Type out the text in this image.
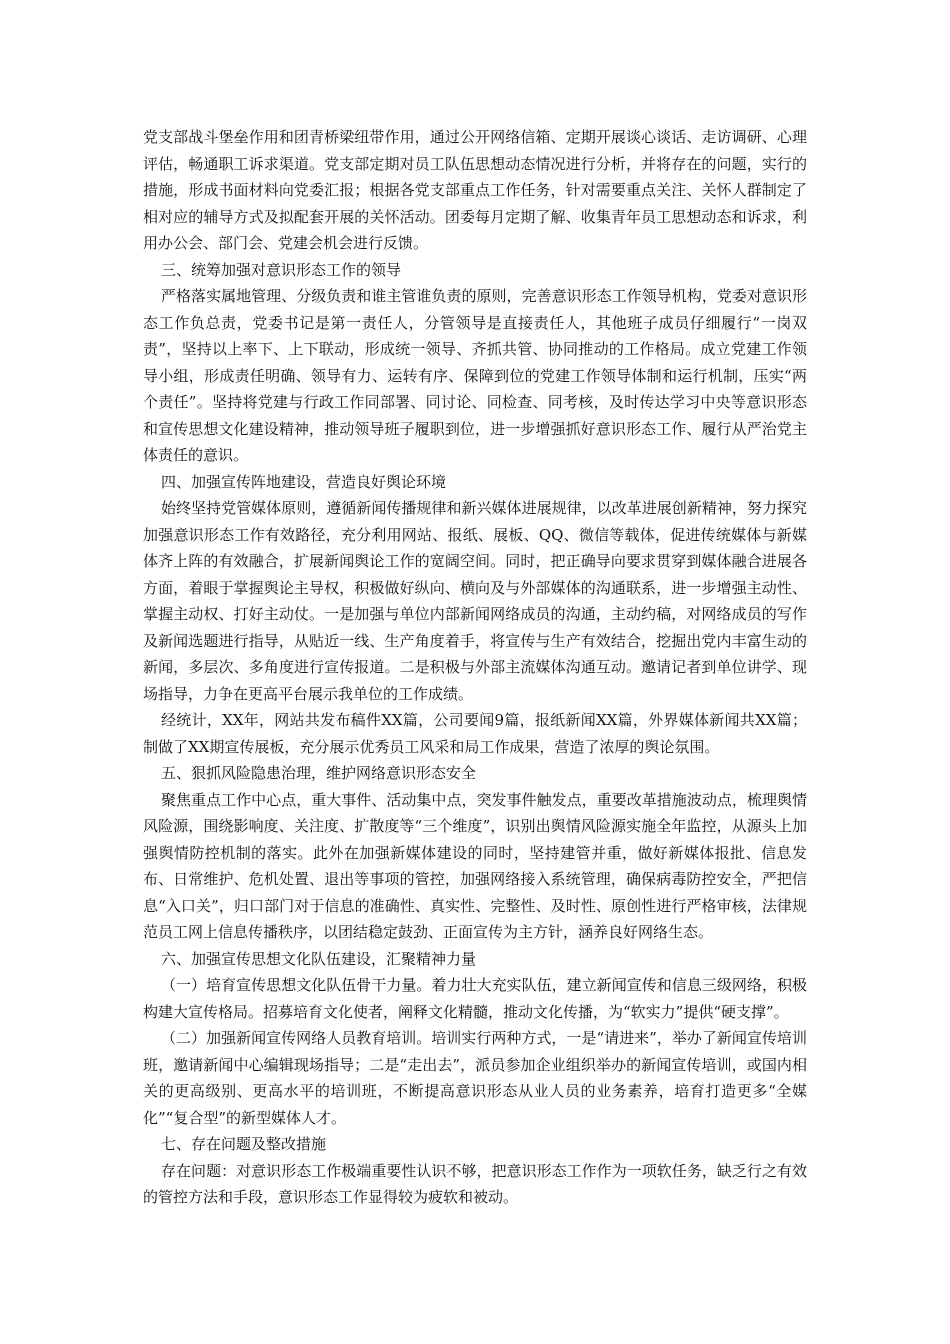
党支部战斗堡垒作用和团青桥梁纽带作用，通过公开网络信箱、定期开展谈心谈话、走访调研、心理评估，畅通职工诉求渠道。党支部定期对员工队伍思想动态情况进行分析，并将存在的问题，实行的措施，形成书面材料向党委汇报；根据各党支部重点工作任务，针对需要重点关注、关怀人群制定了相对应的辅导方式及拟配套开展的关怀活动。团委每月定期了解、收集青年员工思想动态和诉求，利用办公会、部门会、党建会机会进行反馈。

三、统筹加强对意识形态工作的领导

严格落实属地管理、分级负责和谁主管谁负责的原则，完善意识形态工作领导机构，党委对意识形态工作负总责，党委书记是第一责任人，分管领导是直接责任人，其他班子成员仔细履行“一岗双责”，坚持以上率下、上下联动，形成统一领导、齐抓共管、协同推动的工作格局。成立党建工作领导小组，形成责任明确、领导有力、运转有序、保障到位的党建工作领导体制和运行机制，压实“两个责任”。坚持将党建与行政工作同部署、同讨论、同检查、同考核，及时传达学习中央等意识形态和宣传思想文化建设精神，推动领导班子履职到位，进一步增强抓好意识形态工作、履行从严治党主体责任的意识。

四、加强宣传阵地建设，营造良好舆论环境

始终坚持党管媒体原则，遵循新闻传播规律和新兴媒体进展规律，以改革进展创新精神，努力探究加强意识形态工作有效路径，充分利用网站、报纸、展板、QQ、微信等载体，促进传统媒体与新媒体齐上阵的有效融合，扩展新闻舆论工作的宽阔空间。同时，把正确导向要求贯穿到媒体融合进展各方面，着眼于掌握舆论主导权，积极做好纵向、横向及与外部媒体的沟通联系，进一步增强主动性、掌握主动权、打好主动仗。一是加强与单位内部新闻网络成员的沟通，主动约稿，对网络成员的写作及新闻选题进行指导，从贴近一线、生产角度着手，将宣传与生产有效结合，挖掘出党内丰富生动的新闻，多层次、多角度进行宣传报道。二是积极与外部主流媒体沟通互动。邀请记者到单位讲学、现场指导，力争在更高平台展示我单位的工作成绩。

经统计，XX年，网站共发布稿件XX篇，公司要闻9篇，报纸新闻XX篇，外界媒体新闻共XX篇；制做了XX期宣传展板，充分展示优秀员工风采和局工作成果，营造了浓厚的舆论氛围。

五、狠抓风险隐患治理，维护网络意识形态安全

聚焦重点工作中心点，重大事件、活动集中点，突发事件触发点，重要改革措施波动点，梳理舆情风险源，围绕影响度、关注度、扩散度等“三个维度”，识别出舆情风险源实施全年监控，从源头上加强舆情防控机制的落实。此外在加强新媒体建设的同时，坚持建管并重，做好新媒体报批、信息发布、日常维护、危机处置、退出等事项的管控，加强网络接入系统管理，确保病毒防控安全，严把信息“入口关”，归口部门对于信息的准确性、真实性、完整性、及时性、原创性进行严格审核，法律规范员工网上信息传播秩序，以团结稳定鼓劲、正面宣传为主方针，涵养良好网络生态。

六、加强宣传思想文化队伍建设，汇聚精神力量

（一）培育宣传思想文化队伍骨干力量。着力壮大充实队伍，建立新闻宣传和信息三级网络，积极构建大宣传格局。招募培育文化使者，阐释文化精髓，推动文化传播，为“软实力”提供“硬支撑”。

（二）加强新闻宣传网络人员教育培训。培训实行两种方式，一是“请进来”，举办了新闻宣传培训班，邀请新闻中心编辑现场指导；二是“走出去”，派员参加企业组织举办的新闻宣传培训，或国内相关的更高级别、更高水平的培训班，不断提高意识形态从业人员的业务素养，培育打造更多“全媒化”“复合型”的新型媒体人才。

七、存在问题及整改措施

存在问题：对意识形态工作极端重要性认识不够，把意识形态工作作为一项软任务，缺乏行之有效的管控方法和手段，意识形态工作显得较为疲软和被动。
